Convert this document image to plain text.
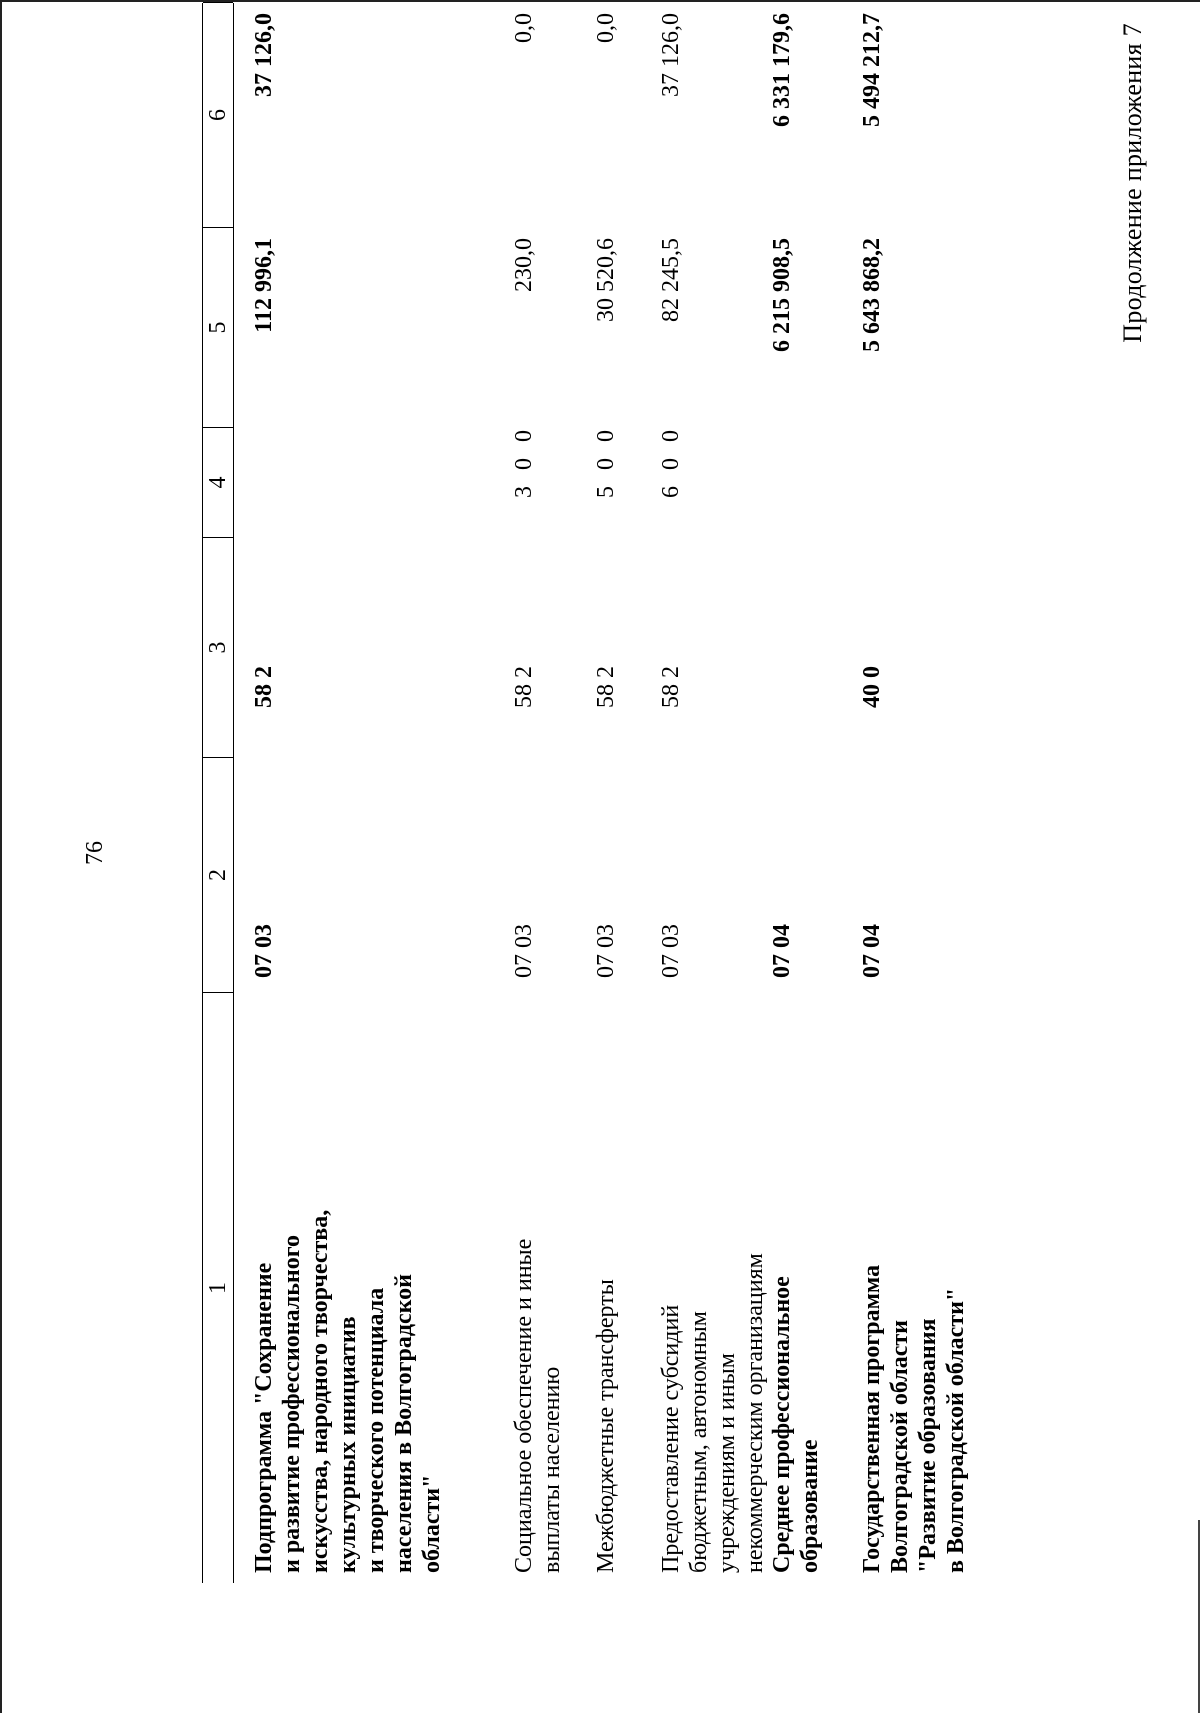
76
Продолжение приложения 7
1
2
3
4
5
6
Подпрограмма "Сохранение и развитие профессионального искусства, народного творчества, культурных инициатив и творческого потенциала населения в Волгоградской области"
07 03
58 2
112 996,1
37 126,0
Социальное обеспечение и иные выплаты населению
07 03
58 2
3 0 0
230,0
0,0
Межбюджетные трансферты
07 03
58 2
5 0 0
30 520,6
0,0
Предоставление субсидий бюджетным, автономным учреждениям и иным некоммерческим организациям
07 03
58 2
6 0 0
82 245,5
37 126,0
Среднее профессиональное образование
07 04
6 215 908,5
6 331 179,6
Государственная программа Волгоградской области "Развитие образования в Волгоградской области"
07 04
40 0
5 643 868,2
5 494 212,7
